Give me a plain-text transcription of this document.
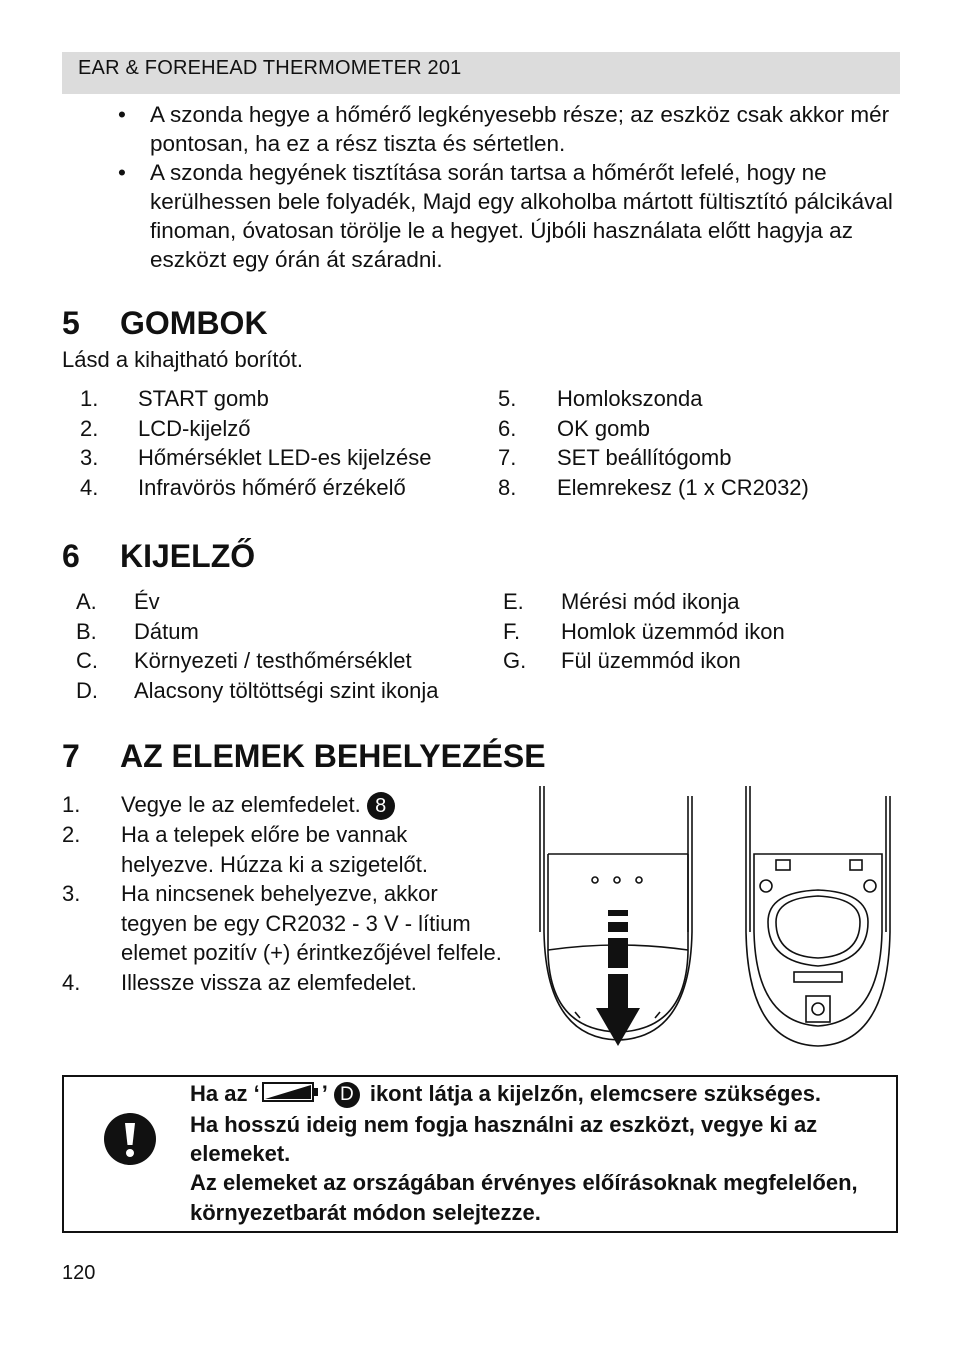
EAR & FOREHEAD THERMOMETER 201
• A szonda hegye a hőmérő legkényesebb része; az eszköz csak akkor mér pontosan, ha ez a rész tiszta és sértetlen.
• A szonda hegyének tisztítása során tartsa a hőmérőt lefelé, hogy ne kerülhessen bele folyadék, Majd egy alkoholba mártott fültisztító pálcikával finoman, óvatosan törölje le a hegyet. Újbóli használata előtt hagyja az eszközt egy órán át száradni.
5 GOMBOK
Lásd a kihajtható borítót.
1. START gomb
2. LCD-kijelző
3. Hőmérséklet LED-es kijelzése
4. Infravörös hőmérő érzékelő
5. Homlokszonda
6. OK gomb
7. SET beállítógomb
8. Elemrekesz (1 x CR2032)
6 KIJELZŐ
A. Év
B. Dátum
C. Környezeti / testhőmérséklet
D. Alacsony töltöttségi szint ikonja
E. Mérési mód ikonja
F. Homlok üzemmód ikon
G. Fül üzemmód ikon
7 AZ ELEMEK BEHELYEZÉSE
1. Vegye le az elemfedelet. 8
2. Ha a telepek előre be vannak helyezve. Húzza ki a szigetelőt.
3. Ha nincsenek behelyezve, akkor tegyen be egy CR2032 - 3 V - lítium elemet pozitív (+) érintkezőjével felfele.
4. Illessze vissza az elemfedelet.
Ha az ‘	’ D ikont látja a kijelzőn, elemcsere szükséges.
Ha hosszú ideig nem fogja használni az eszközt, vegye ki az elemeket.
Az elemeket az országában érvényes előírásoknak megfelelően, környezetbarát módon selejtezze.
120
